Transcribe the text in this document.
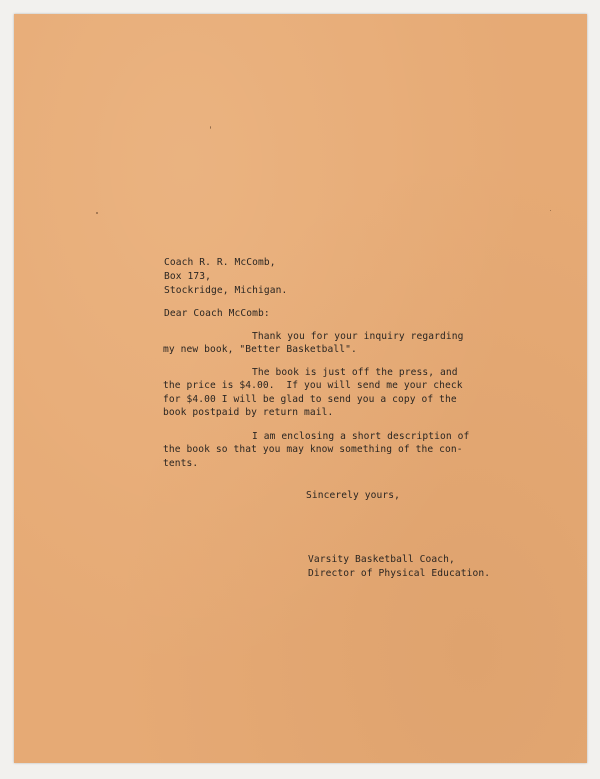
Coach R. R. McComb,
Box 173,
Stockridge, Michigan.
Dear Coach McComb:
Thank you for your inquiry regarding
my new book, "Better Basketball".
The book is just off the press, and
the price is $4.00.  If you will send me your check
for $4.00 I will be glad to send you a copy of the
book postpaid by return mail.
I am enclosing a short description of
the book so that you may know something of the con-
tents.
Sincerely yours,
Varsity Basketball Coach,
Director of Physical Education.
